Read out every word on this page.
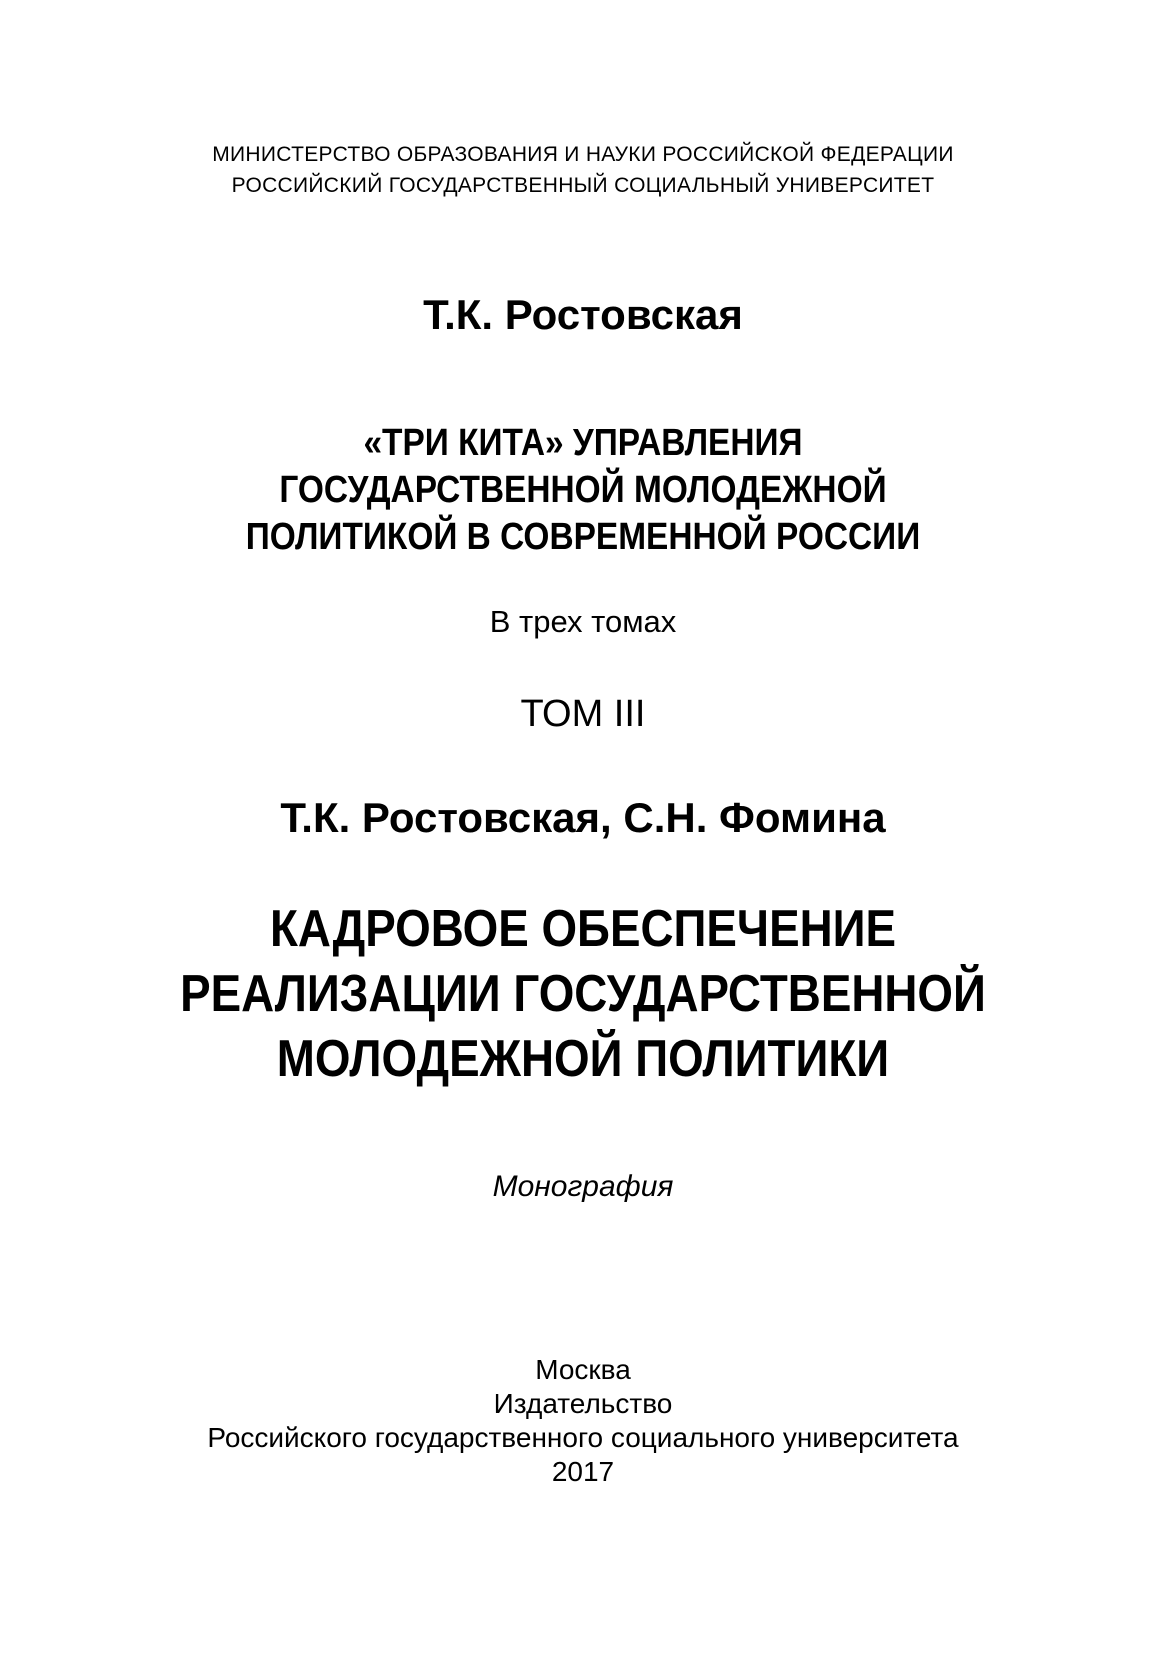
МИНИСТЕРСТВО ОБРАЗОВАНИЯ И НАУКИ РОССИЙСКОЙ ФЕДЕРАЦИИ
РОССИЙСКИЙ ГОСУДАРСТВЕННЫЙ СОЦИАЛЬНЫЙ УНИВЕРСИТЕТ
Т.К. Ростовская
«ТРИ КИТА» УПРАВЛЕНИЯ
ГОСУДАРСТВЕННОЙ МОЛОДЕЖНОЙ
ПОЛИТИКОЙ В СОВРЕМЕННОЙ РОССИИ
В трех томах
ТОМ III
Т.К. Ростовская, С.Н. Фомина
КАДРОВОЕ ОБЕСПЕЧЕНИЕ
РЕАЛИЗАЦИИ ГОСУДАРСТВЕННОЙ
МОЛОДЕЖНОЙ ПОЛИТИКИ
Монография
Москва
Издательство
Российского государственного социального университета
2017
